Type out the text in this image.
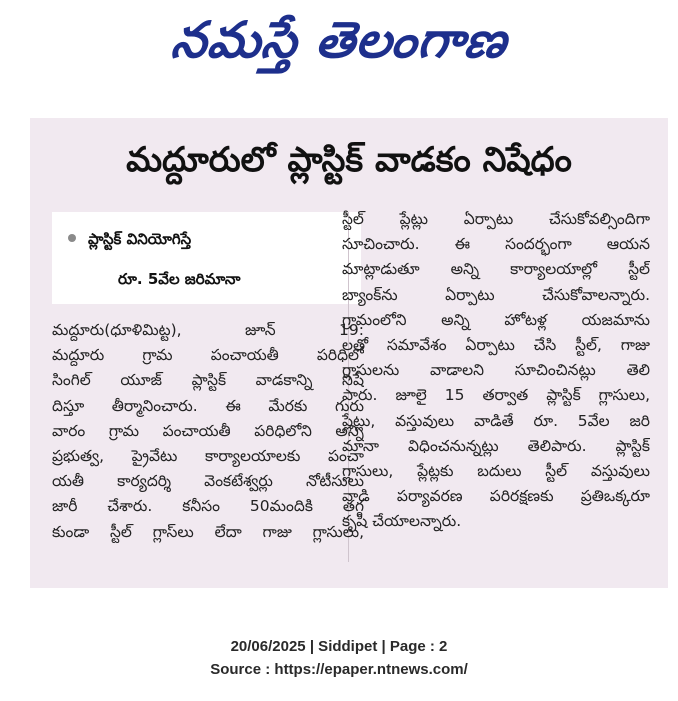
నమస్తే తెలంగాణ
మద్దూరులో ప్లాస్టిక్ వాడకం నిషేధం
ప్లాస్టిక్ వినియోగిస్తే
రూ. 5వేల జరిమానా
మద్దూరు(ధూళిమిట్ట), జూన్ 19:
మద్దూరు గ్రామ పంచాయతీ పరిధిలో
సింగిల్ యూజ్ ప్లాస్టిక్ వాడకాన్ని నిషే
దిస్తూ తీర్మానించారు. ఈ మేరకు గురు
వారం గ్రామ పంచాయతీ పరిధిలోని అన్ని
ప్రభుత్వ, ప్రైవేటు కార్యాలయాలకు పంచా
యతీ కార్యదర్శి వెంకటేశ్వర్లు నోటీసులు
జారీ చేశారు. కనీసం 50మందికి తగ్గ
కుండా స్టీల్ గ్లాస్‌లు లేదా గాజు గ్లాసులు,
స్టీల్ ప్లేట్లు ఏర్పాటు చేసుకోవల్సిందిగా
సూచించారు. ఈ సందర్భంగా ఆయన
మాట్లాడుతూ అన్ని కార్యాలయాల్లో స్టీల్
బ్యాంక్‌ను ఏర్పాటు చేసుకోవాలన్నారు.
గ్రామంలోని అన్ని హోటళ్ల యజమాను
లతో సమావేశం ఏర్పాటు చేసి స్టీల్, గాజు
గ్లాసులను వాడాలని సూచించినట్లు తెలి
పారు. జూలై 15 తర్వాత ప్లాస్టిక్ గ్లాసులు,
ప్లేట్లు, వస్తువులు వాడితే రూ. 5వేల జరి
మానా విధించనున్నట్లు తెలిపారు. ప్లాస్టిక్
గ్లాసులు, ప్లేట్లకు బదులు స్టీల్ వస్తువులు
వాడి పర్యావరణ పరిరక్షణకు ప్రతిఒక్కరూ
కృషి చేయాలన్నారు.
20/06/2025 | Siddipet | Page : 2
Source : https://epaper.ntnews.com/
